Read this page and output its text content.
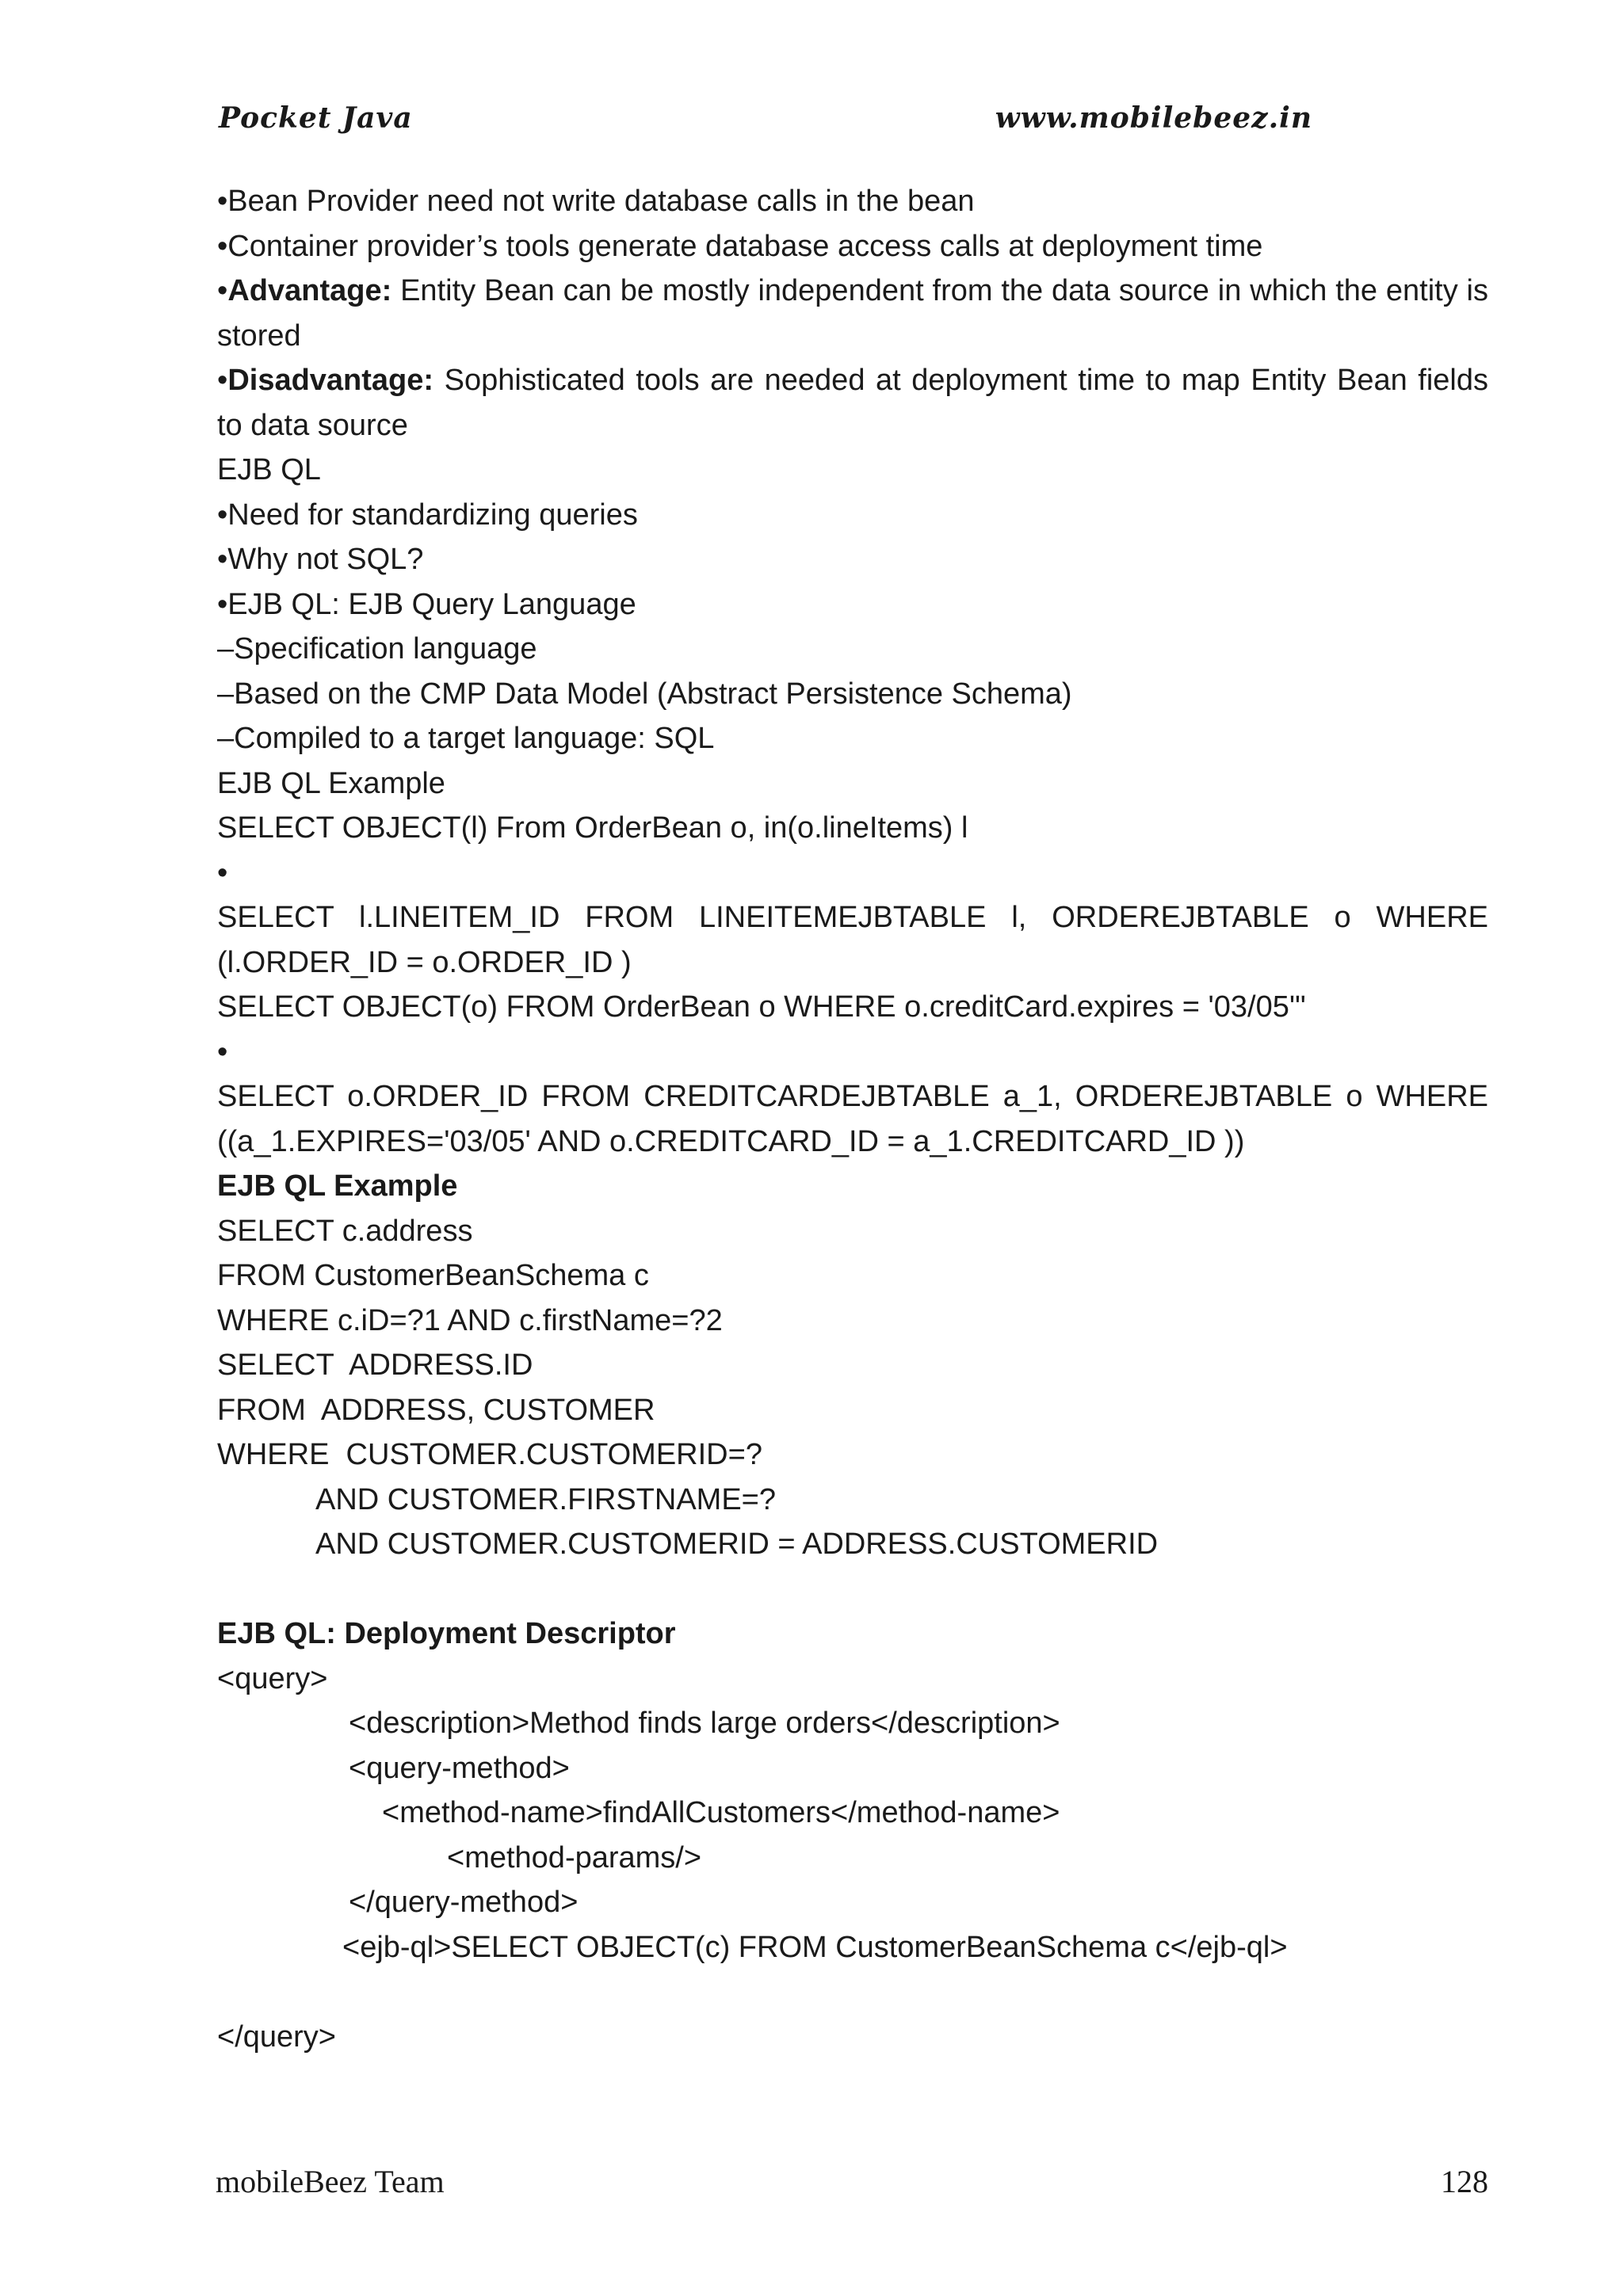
Pocket Java	www.mobilebeez.in
•Bean Provider need not write database calls in the bean
•Container provider’s tools generate database access calls at deployment time
•Advantage: Entity Bean can be mostly independent from the data source in which the entity is stored
•Disadvantage: Sophisticated tools are needed at deployment time to map Entity Bean fields to data source
EJB QL
•Need for standardizing queries
•Why not SQL?
•EJB QL: EJB Query Language
–Specification language
–Based on the CMP Data Model (Abstract Persistence Schema)
–Compiled to a target language: SQL
EJB QL Example
SELECT OBJECT(l) From OrderBean o, in(o.lineItems) l
•
SELECT l.LINEITEM_ID FROM LINEITEMEJBTABLE l, ORDEREJBTABLE o WHERE (l.ORDER_ID = o.ORDER_ID )
SELECT OBJECT(o) FROM OrderBean o WHERE o.creditCard.expires = '03/05'"
•
SELECT o.ORDER_ID FROM CREDITCARDEJBTABLE a_1, ORDEREJBTABLE o WHERE ((a_1.EXPIRES='03/05' AND o.CREDITCARD_ID = a_1.CREDITCARD_ID ))
EJB QL Example
SELECT c.address
FROM CustomerBeanSchema c
WHERE c.iD=?1 AND c.firstName=?2
SELECT  ADDRESS.ID
FROM  ADDRESS, CUSTOMER
WHERE  CUSTOMER.CUSTOMERID=?
AND CUSTOMER.FIRSTNAME=?
AND CUSTOMER.CUSTOMERID = ADDRESS.CUSTOMERID
EJB QL: Deployment Descriptor
<query>
<description>Method finds large orders</description>
<query-method>
<method-name>findAllCustomers</method-name>
<method-params/>
</query-method>
<ejb-ql>SELECT OBJECT(c) FROM CustomerBeanSchema c</ejb-ql>
</query>
mobileBeez Team	128
